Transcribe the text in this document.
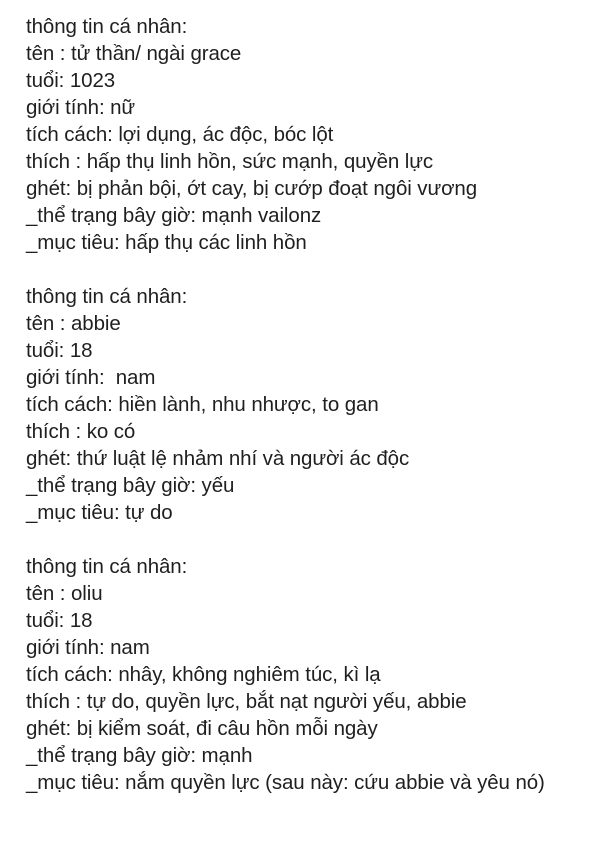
thông tin cá nhân:
tên : tử thần/ ngài grace
tuổi: 1023
giới tính: nữ
tích cách: lợi dụng, ác độc, bóc lột
thích : hấp thụ linh hồn, sức mạnh, quyền lực
ghét: bị phản bội, ớt cay, bị cướp đoạt ngôi vương
_thể trạng bây giờ: mạnh vailonz
_mục tiêu: hấp thụ các linh hồn
thông tin cá nhân:
tên : abbie
tuổi: 18
giới tính:  nam
tích cách: hiền lành, nhu nhược, to gan
thích : ko có
ghét: thứ luật lệ nhảm nhí và người ác độc
_thể trạng bây giờ: yếu
_mục tiêu: tự do
thông tin cá nhân:
tên : oliu
tuổi: 18
giới tính: nam
tích cách: nhây, không nghiêm túc, kì lạ
thích : tự do, quyền lực, bắt nạt người yếu, abbie
ghét: bị kiểm soát, đi câu hồn mỗi ngày
_thể trạng bây giờ: mạnh
_mục tiêu: nắm quyền lực (sau này: cứu abbie và yêu nó)
